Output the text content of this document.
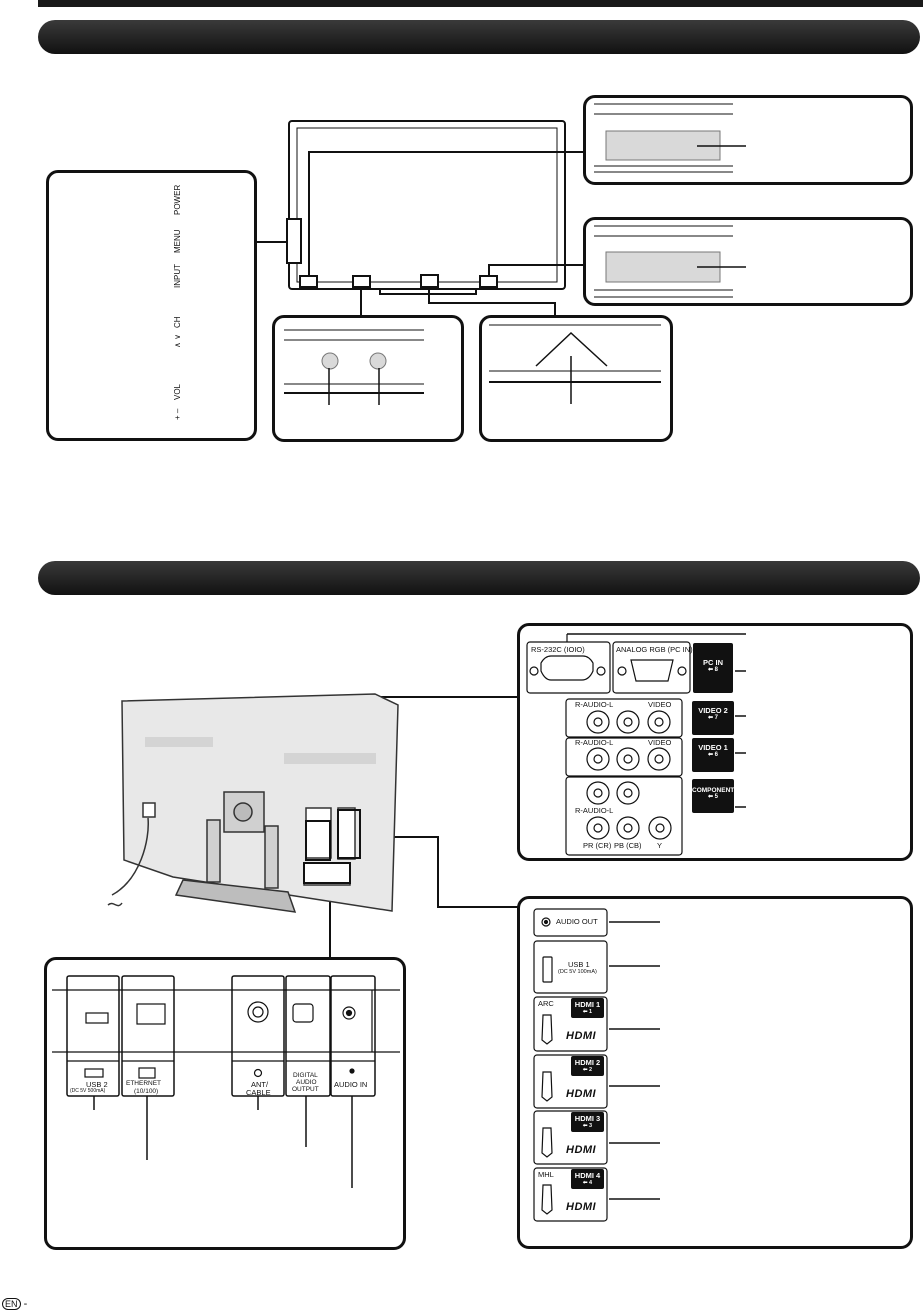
POWER
MENU
INPUT
CH
∧ ∨
VOL
+ –
RS-232C (IOIO)	ANALOG RGB (PC IN)
PC IN
⬅ 8
R-AUDIO-L	VIDEO
VIDEO 2
⬅ 7
R-AUDIO-L	VIDEO
VIDEO 1
⬅ 6
R-AUDIO-L
COMPONENT
⬅ 5
PR (CR) PB (CB) Y
AUDIO OUT
USB 1
(DC 5V 100mA)
ARC
MHL
HDMI 1
⬅ 1
HDMI 2
⬅ 2
HDMI 3
⬅ 3
HDMI 4
⬅ 4
HDMI
HDMI
HDMI
HDMI
USB 2
(DC 5V 500mA)
ETHERNET
(10/100)
ANT/
CABLE
DIGITAL
AUDIO
OUTPUT
AUDIO IN
EN -
